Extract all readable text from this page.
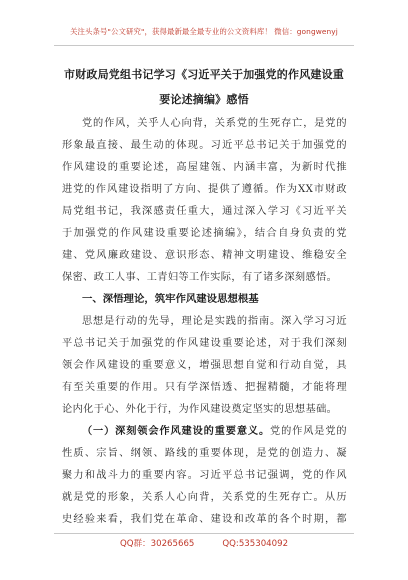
关注头条号"公文研究"，获得最新最全最专业的公文资料库！ 微信：gongwenyj
市财政局党组书记学习《习近平关于加强党的作风建设重
要论述摘编》感悟
党的作风，关乎人心向背，关系党的生死存亡，是党的
形象最直接、最生动的体现。习近平总书记关于加强党的
作风建设的重要论述，高屋建瓴、内涵丰富，为新时代推
进党的作风建设指明了方向、提供了遵循。作为XX市财政
局党组书记，我深感责任重大，通过深入学习《习近平关
于加强党的作风建设重要论述摘编》，结合自身负责的党
建、党风廉政建设、意识形态、精神文明建设、维稳安全
保密、政工人事、工青妇等工作实际，有了诸多深刻感悟。
一、深悟理论，筑牢作风建设思想根基
思想是行动的先导，理论是实践的指南。深入学习习近
平总书记关于加强党的作风建设重要论述，对于我们深刻
领会作风建设的重要意义，增强思想自觉和行动自觉，具
有至关重要的作用。只有学深悟透、把握精髓，才能将理
论内化于心、外化于行，为作风建设奠定坚实的思想基础。
（一）深刻领会作风建设的重要意义。党的作风是党的
性质、宗旨、纲领、路线的重要体现，是党的创造力、凝
聚力和战斗力的重要内容。习近平总书记强调，党的作风
就是党的形象，关系人心向背，关系党的生死存亡。从历
史经验来看，我们党在革命、建设和改革的各个时期，都
QQ群：30265665	QQ:535304092
